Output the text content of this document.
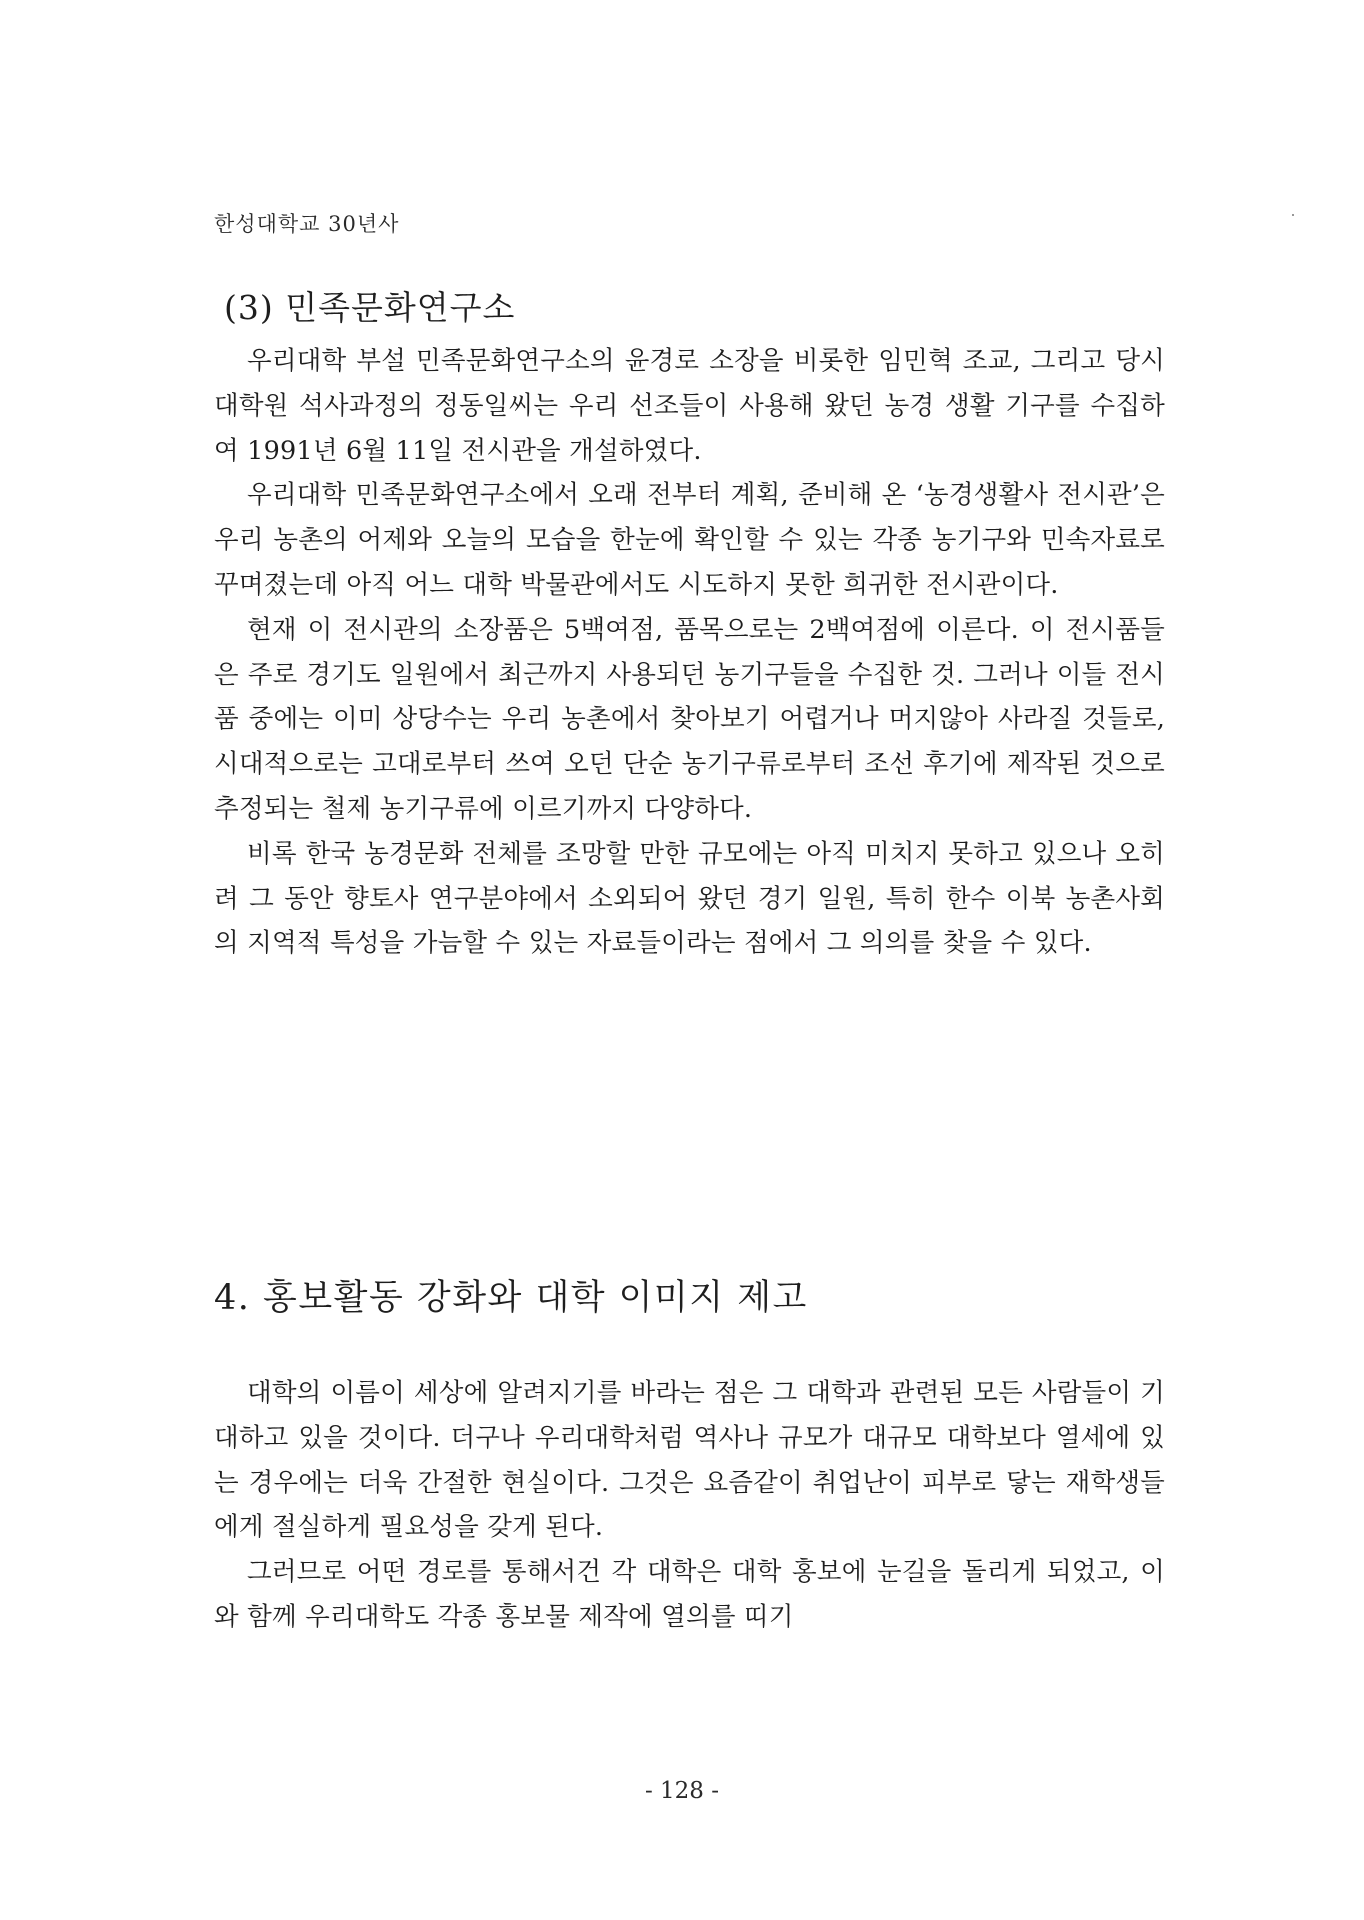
한성대학교 30년사
(3) 민족문화연구소

우리대학 부설 민족문화연구소의 윤경로 소장을 비롯한 임민혁 조교, 그리고 당시 대학원 석사과정의 정동일씨는 우리 선조들이 사용해 왔던 농경 생활 기구를 수집하여 1991년 6월 11일 전시관을 개설하였다.

우리대학 민족문화연구소에서 오래 전부터 계획, 준비해 온 ‘농경생활사 전시관’은 우리 농촌의 어제와 오늘의 모습을 한눈에 확인할 수 있는 각종 농기구와 민속자료로 꾸며졌는데 아직 어느 대학 박물관에서도 시도하지 못한 희귀한 전시관이다.

현재 이 전시관의 소장품은 5백여점, 품목으로는 2백여점에 이른다. 이 전시품들은 주로 경기도 일원에서 최근까지 사용되던 농기구들을 수집한 것. 그러나 이들 전시품 중에는 이미 상당수는 우리 농촌에서 찾아보기 어렵거나 머지않아 사라질 것들로, 시대적으로는 고대로부터 쓰여 오던 단순 농기구류로부터 조선 후기에 제작된 것으로 추정되는 철제 농기구류에 이르기까지 다양하다.

비록 한국 농경문화 전체를 조망할 만한 규모에는 아직 미치지 못하고 있으나 오히려 그 동안 향토사 연구분야에서 소외되어 왔던 경기 일원, 특히 한수 이북 농촌사회의 지역적 특성을 가늠할 수 있는 자료들이라는 점에서 그 의의를 찾을 수 있다.

4. 홍보활동 강화와 대학 이미지 제고

대학의 이름이 세상에 알려지기를 바라는 점은 그 대학과 관련된 모든 사람들이 기대하고 있을 것이다. 더구나 우리대학처럼 역사나 규모가 대규모 대학보다 열세에 있는 경우에는 더욱 간절한 현실이다. 그것은 요즘같이 취업난이 피부로 닿는 재학생들에게 절실하게 필요성을 갖게 된다.

그러므로 어떤 경로를 통해서건 각 대학은 대학 홍보에 눈길을 돌리게 되었고, 이와 함께 우리대학도 각종 홍보물 제작에 열의를 띠기

- 128 -
